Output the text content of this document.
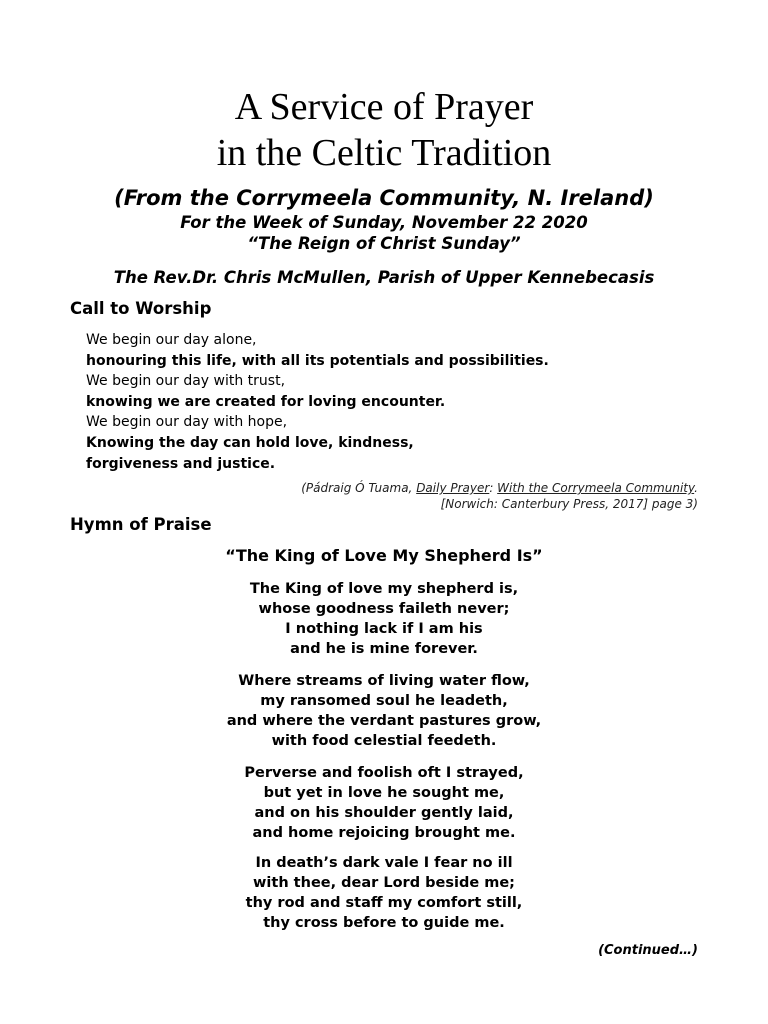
A Service of Prayer
in the Celtic Tradition
(From the Corrymeela Community, N. Ireland)
For the Week of Sunday, November 22 2020
“The Reign of Christ Sunday”
The Rev.Dr. Chris McMullen, Parish of Upper Kennebecasis
Call to Worship
We begin our day alone,
honouring this life, with all its potentials and possibilities.
We begin our day with trust,
knowing we are created for loving encounter.
We begin our day with hope,
Knowing the day can hold love, kindness,
forgiveness and justice.
(Pádraig Ó Tuama, Daily Prayer: With the Corrymeela Community.
[Norwich: Canterbury Press, 2017] page 3)
Hymn of Praise
“The King of Love My Shepherd Is”
The King of love my shepherd is,
whose goodness faileth never;
I nothing lack if I am his
and he is mine forever.
Where streams of living water flow,
my ransomed soul he leadeth,
and where the verdant pastures grow,
with food celestial feedeth.
Perverse and foolish oft I strayed,
but yet in love he sought me,
and on his shoulder gently laid,
and home rejoicing brought me.
In death’s dark vale I fear no ill
with thee, dear Lord beside me;
thy rod and staff my comfort still,
thy cross before to guide me.
(Continued…)
